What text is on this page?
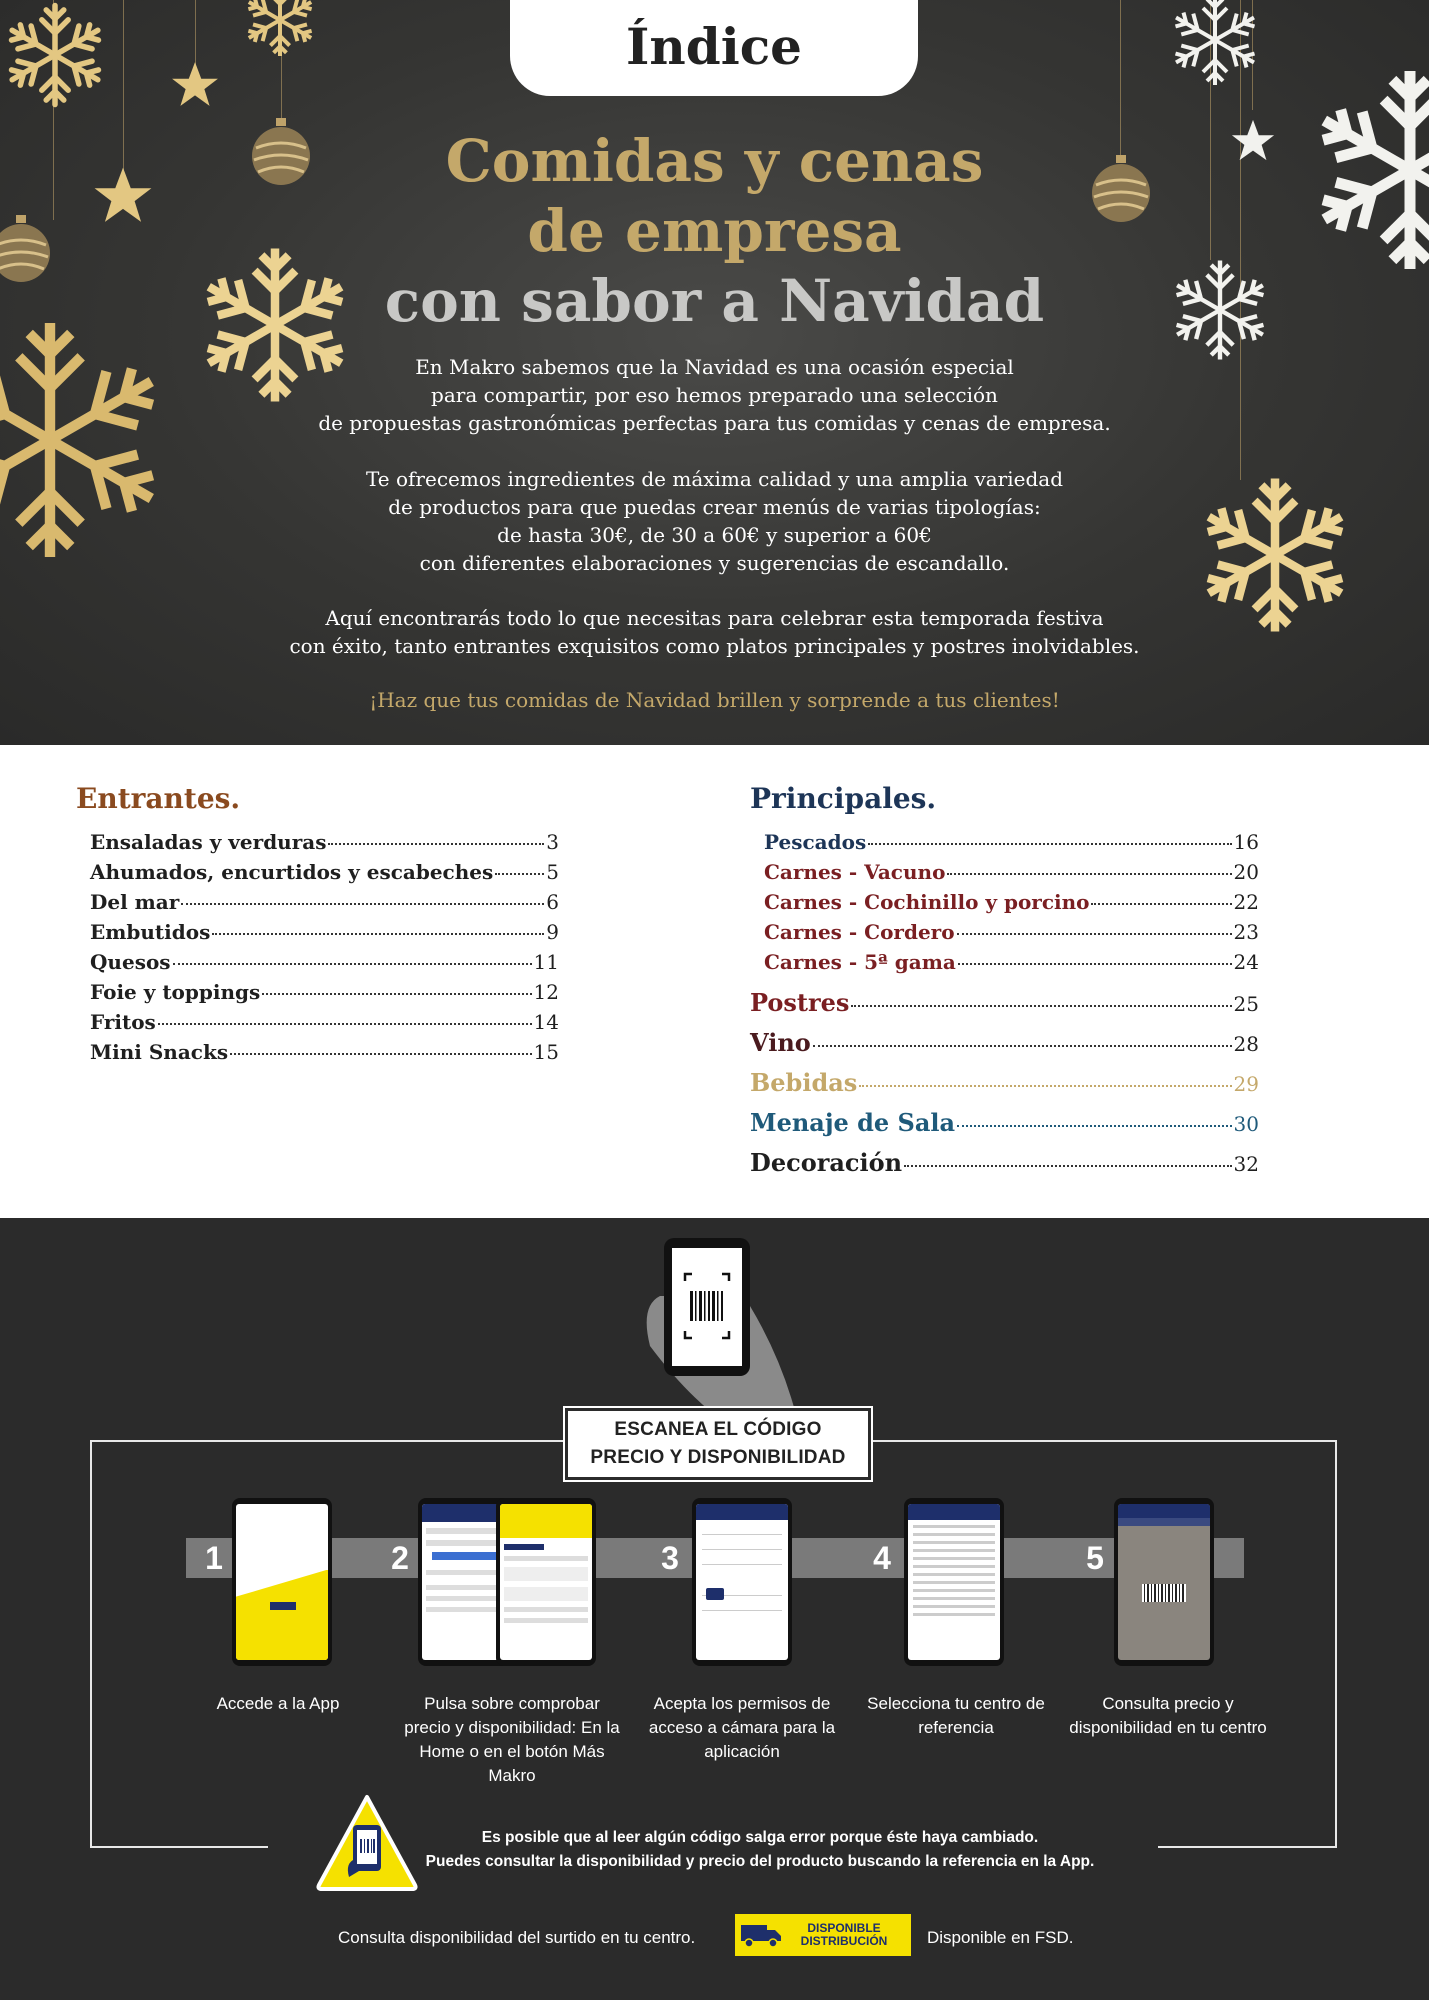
Índice
Comidas y cenas
de empresa
con sabor a Navidad
En Makro sabemos que la Navidad es una ocasión especial
para compartir, por eso hemos preparado una selección
de propuestas gastronómicas perfectas para tus comidas y cenas de empresa.
Te ofrecemos ingredientes de máxima calidad y una amplia variedad
de productos para que puedas crear menús de varias tipologías:
de hasta 30€, de 30 a 60€ y superior a 60€
con diferentes elaboraciones y sugerencias de escandallo.
Aquí encontrarás todo lo que necesitas para celebrar esta temporada festiva
con éxito, tanto entrantes exquisitos como platos principales y postres inolvidables.
¡Haz que tus comidas de Navidad brillen y sorprende a tus clientes!
Entrantes.
Ensaladas y verduras	3
Ahumados, encurtidos y escabeches	5
Del mar	6
Embutidos	9
Quesos	11
Foie y toppings	12
Fritos	14
Mini Snacks	15
Principales.
Pescados	16
Carnes - Vacuno	20
Carnes - Cochinillo y porcino	22
Carnes - Cordero	23
Carnes - 5ª gama	24
Postres	25
Vino	28
Bebidas	29
Menaje de Sala	30
Decoración	32
ESCANEA EL CÓDIGO
PRECIO Y DISPONIBILIDAD
1	2	3	4	5
Accede a la App	Pulsa sobre comprobar precio y disponibilidad: En la Home o en el botón Más Makro
Acepta los permisos de acceso a cámara para la aplicación
Selecciona tu centro de referencia
Consulta precio y disponibilidad en tu centro
Es posible que al leer algún código salga error porque éste haya cambiado.
Puedes consultar la disponibilidad y precio del producto buscando la referencia en la App.
Consulta disponibilidad del surtido en tu centro.	DISPONIBLE
DISTRIBUCIÓN	Disponible en FSD.
